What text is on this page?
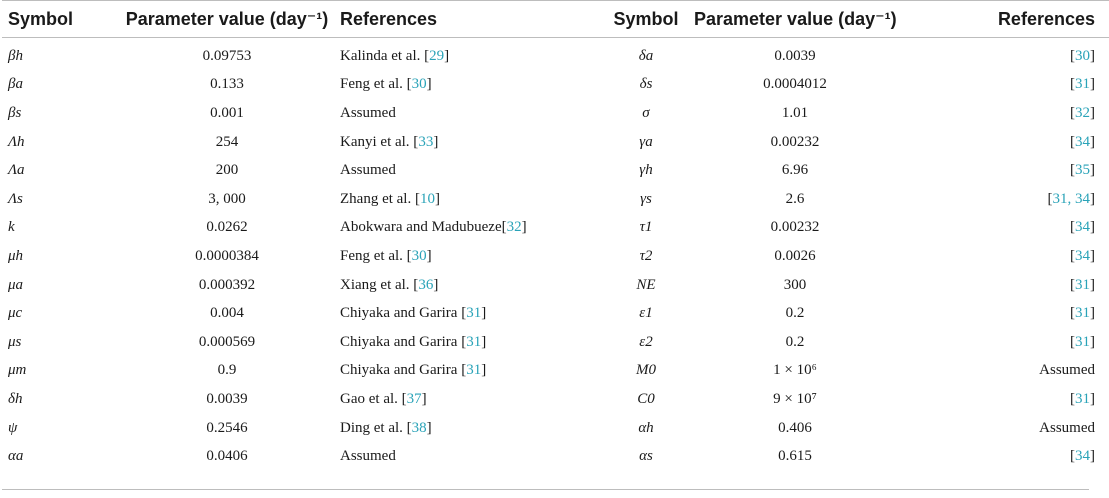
Symbol	Parameter value (day⁻¹)	References	Symbol	Parameter value (day⁻¹)	References
βh	0.09753	Kalinda et al. [29]	δa	0.0039	[30]
βa	0.133	Feng et al. [30]	δs	0.0004012	[31]
βs	0.001	Assumed	σ	1.01	[32]
Λh	254	Kanyi et al. [33]	γa	0.00232	[34]
Λa	200	Assumed	γh	6.96	[35]
Λs	3, 000	Zhang et al. [10]	γs	2.6	[31, 34]
k	0.0262	Abokwara and Madubueze[32]	τ1	0.00232	[34]
μh	0.0000384	Feng et al. [30]	τ2	0.0026	[34]
μa	0.000392	Xiang et al. [36]	NE	300	[31]
μc	0.004	Chiyaka and Garira [31]	ε1	0.2	[31]
μs	0.000569	Chiyaka and Garira [31]	ε2	0.2	[31]
μm	0.9	Chiyaka and Garira [31]	M0	1 × 10⁶	Assumed
δh	0.0039	Gao et al. [37]	C0	9 × 10⁷	[31]
ψ	0.2546	Ding et al. [38]	αh	0.406	Assumed
αa	0.0406	Assumed	αs	0.615	[34]
